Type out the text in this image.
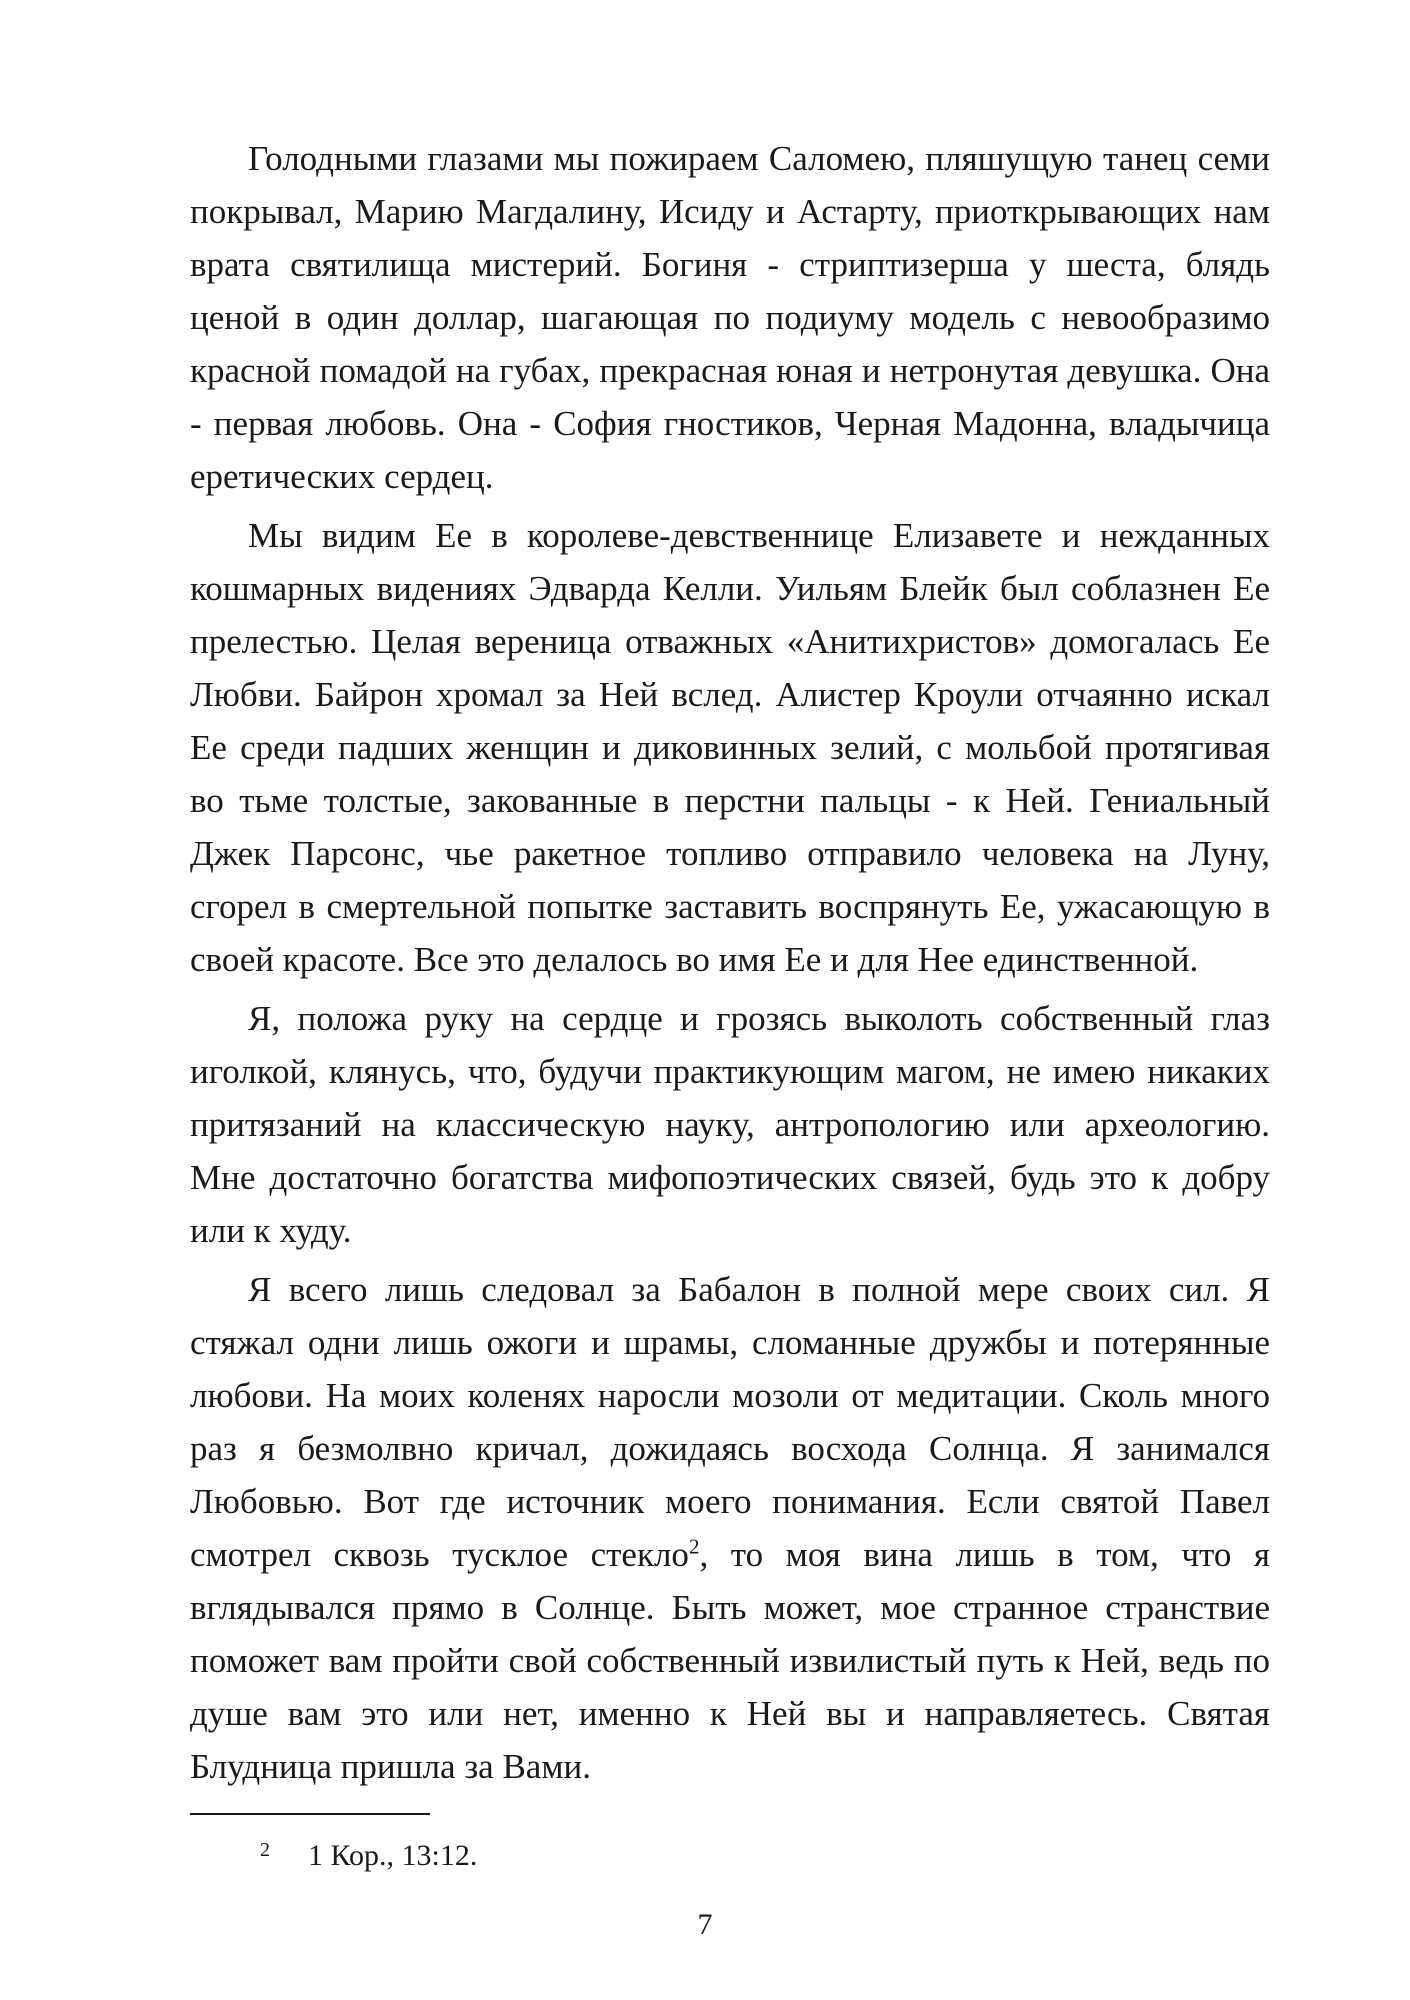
Голодными глазами мы пожираем Саломею, пляшущую танец семи покрывал, Марию Магдалину, Исиду и Астарту, приоткрывающих нам врата святилища мистерий. Богиня - стриптизерша у шеста, блядь ценой в один доллар, шагающая по подиуму модель с невообразимо красной помадой на губах, прекрасная юная и нетронутая девушка. Она - первая любовь. Она - София гностиков, Черная Мадонна, владычица еретических сердец.

Мы видим Ее в королеве-девственнице Елизавете и нежданных кошмарных видениях Эдварда Келли. Уильям Блейк был соблазнен Ее прелестью. Целая вереница отважных «Анитихристов» домогалась Ее Любви. Байрон хромал за Ней вслед. Алистер Кроули отчаянно искал Ее среди падших женщин и диковинных зелий, с мольбой протягивая во тьме толстые, закованные в перстни пальцы - к Ней. Гениальный Джек Парсонс, чье ракетное топливо отправило человека на Луну, сгорел в смертельной попытке заставить воспрянуть Ее, ужасающую в своей красоте. Все это делалось во имя Ее и для Нее единственной.

Я, положа руку на сердце и грозясь выколоть собственный глаз иголкой, клянусь, что, будучи практикующим магом, не имею никаких притязаний на классическую науку, антропологию или археологию. Мне достаточно богатства мифопоэтических связей, будь это к добру или к худу.

Я всего лишь следовал за Бабалон в полной мере своих сил. Я стяжал одни лишь ожоги и шрамы, сломанные дружбы и потерянные любови. На моих коленях наросли мозоли от медитации. Сколь много раз я безмолвно кричал, дожидаясь восхода Солнца. Я занимался Любовью. Вот где источник моего понимания. Если святой Павел смотрел сквозь тусклое стекло$^2$, то моя вина лишь в том, что я вглядывался прямо в Солнце. Быть может, мое странное странствие поможет вам пройти свой собственный извилистый путь к Ней, ведь по душе вам это или нет, именно к Ней вы и направляетесь. Святая Блудница пришла за Вами.

2 1 Кор., 13:12.
7
